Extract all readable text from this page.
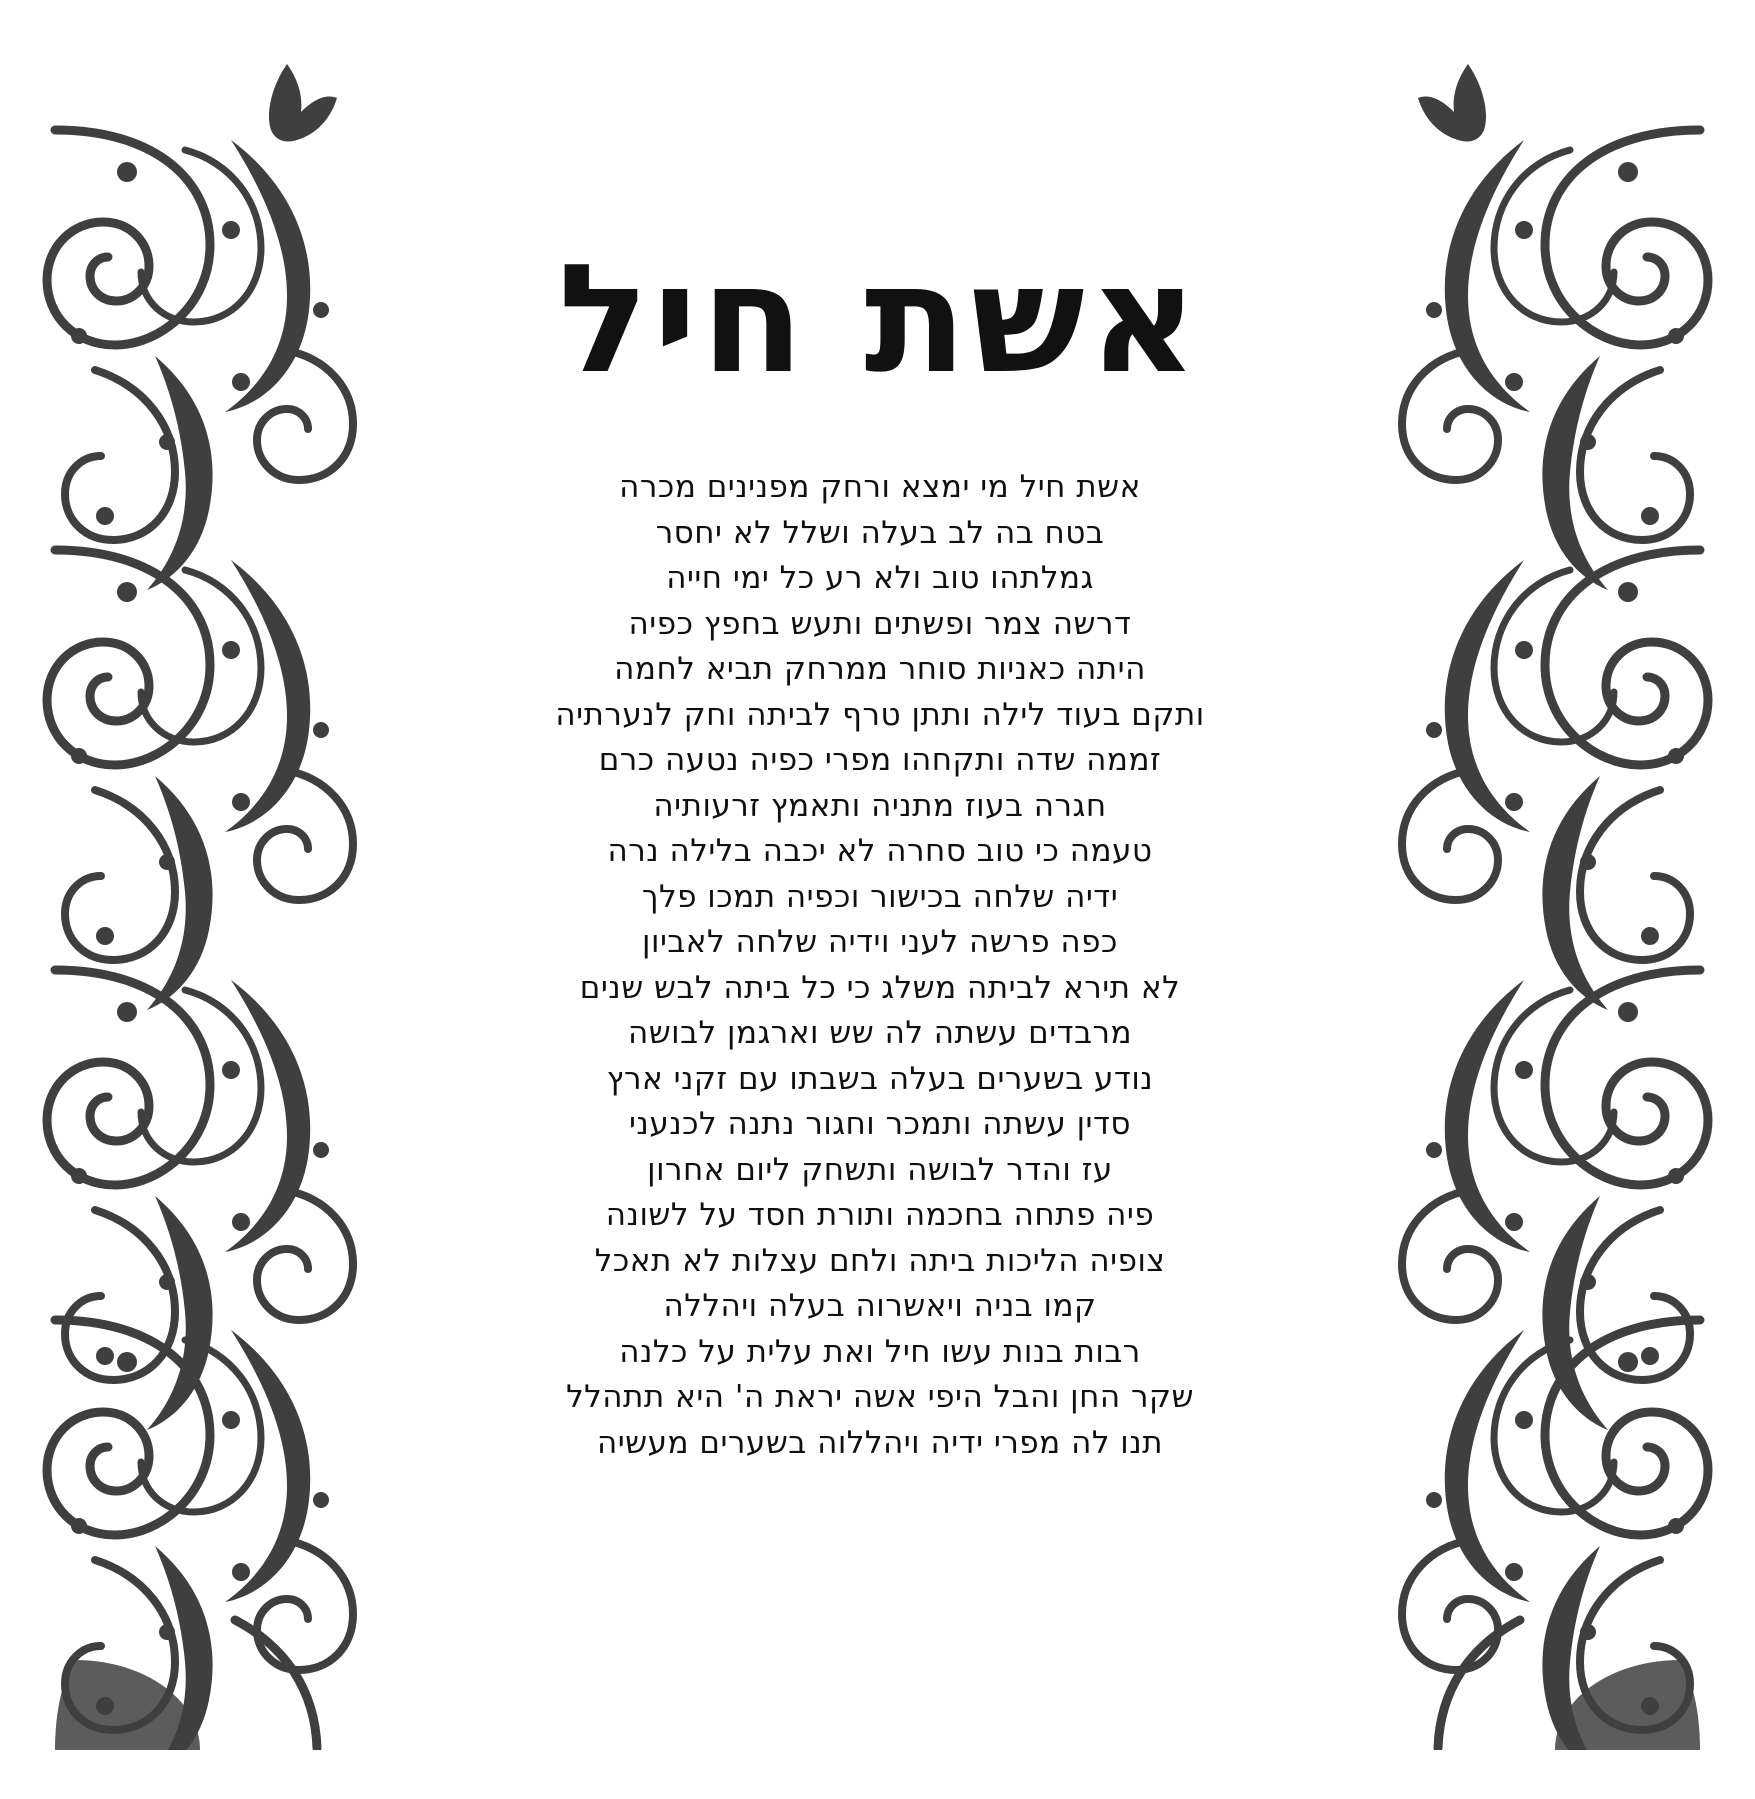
אשת חיל
אשת חיל מי ימצא ורחק מפנינים מכרה
בטח בה לב בעלה ושלל לא יחסר
גמלתהו טוב ולא רע כל ימי חייה
דרשה צמר ופשתים ותעש בחפץ כפיה
היתה כאניות סוחר ממרחק תביא לחמה
ותקם בעוד לילה ותתן טרף לביתה וחק לנערתיה
זממה שדה ותקחהו מפרי כפיה נטעה כרם
חגרה בעוז מתניה ותאמץ זרעותיה
טעמה כי טוב סחרה לא יכבה בלילה נרה
ידיה שלחה בכישור וכפיה תמכו פלך
כפה פרשה לעני וידיה שלחה לאביון
לא תירא לביתה משלג כי כל ביתה לבש שנים
מרבדים עשתה לה שש וארגמן לבושה
נודע בשערים בעלה בשבתו עם זקני ארץ
סדין עשתה ותמכר וחגור נתנה לכנעני
עז והדר לבושה ותשחק ליום אחרון
פיה פתחה בחכמה ותורת חסד על לשונה
צופיה הליכות ביתה ולחם עצלות לא תאכל
קמו בניה ויאשרוה בעלה ויהללה
רבות בנות עשו חיל ואת עלית על כלנה
שקר החן והבל היפי אשה יראת ה' היא תתהלל
תנו לה מפרי ידיה ויהללוה בשערים מעשיה
